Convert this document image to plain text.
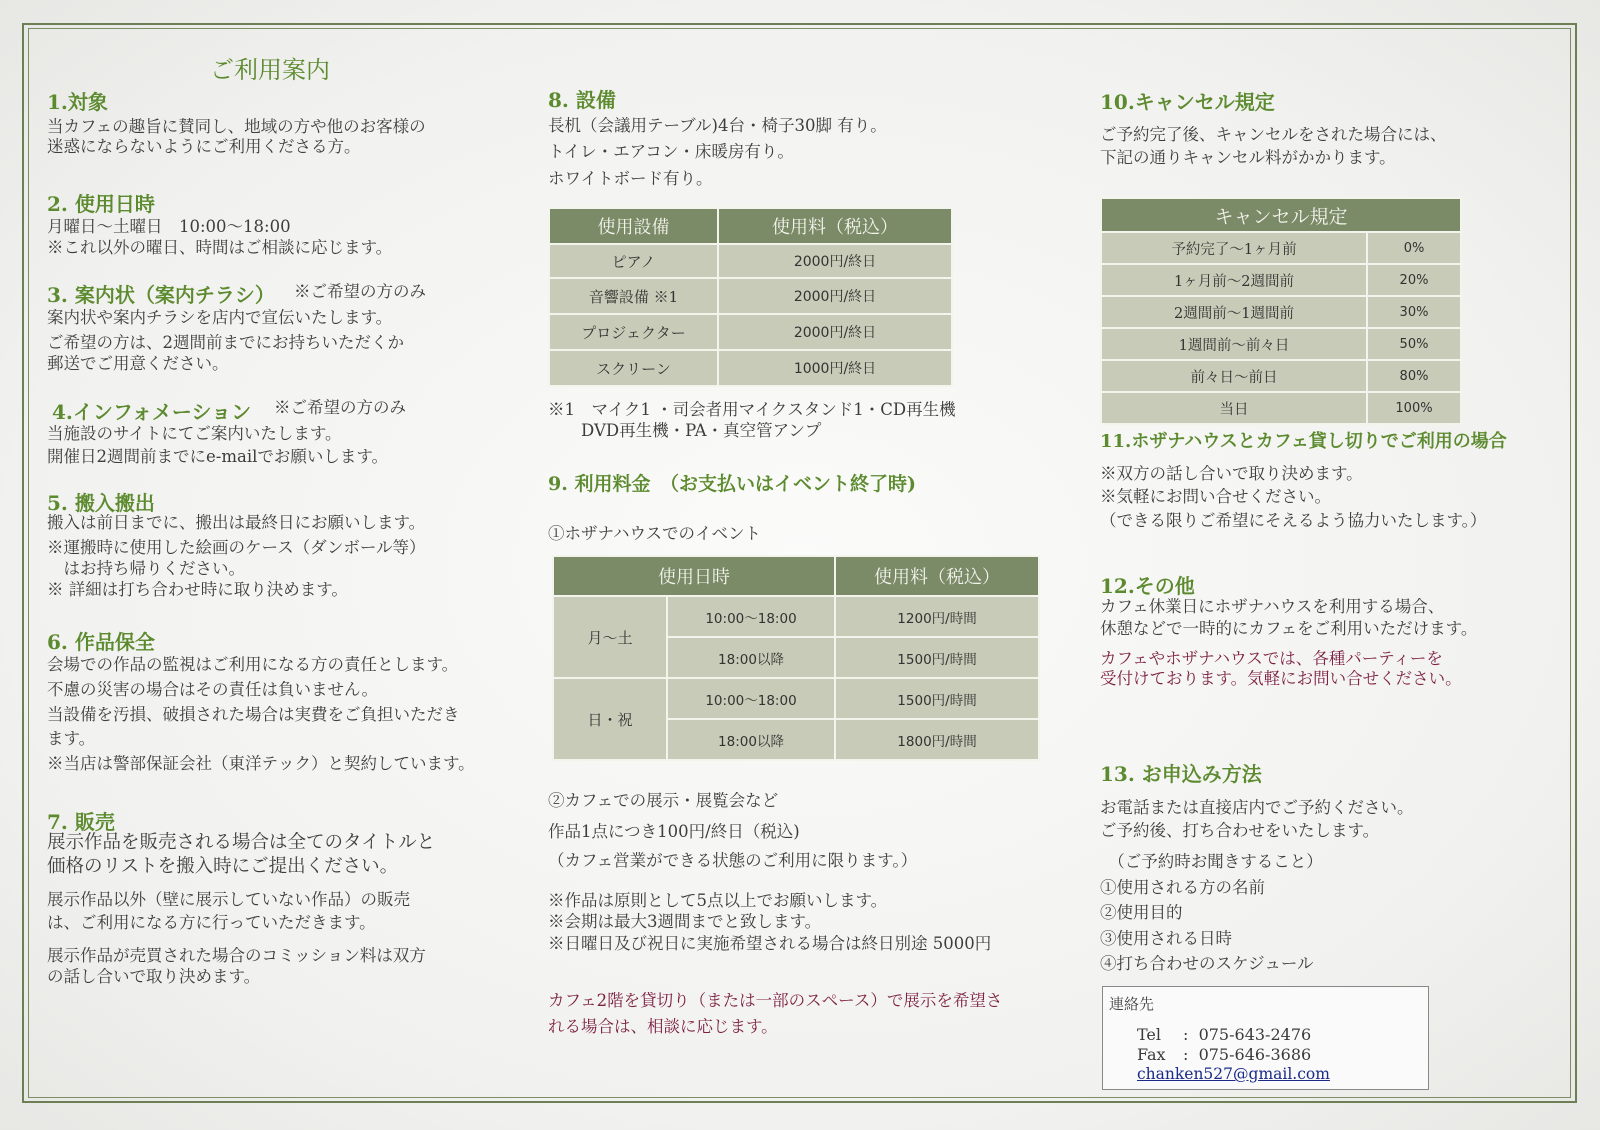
ご利用案内
1.対象
当カフェの趣旨に賛同し、地域の方や他のお客様の
迷惑にならないようにご利用くださる方。
2. 使用日時
月曜日〜土曜日　10:00〜18:00
※これ以外の曜日、時間はご相談に応じます。
3. 案内状（案内チラシ） ※ご希望の方のみ
案内状や案内チラシを店内で宣伝いたします。
ご希望の方は、2週間前までにお持ちいただくか
郵送でご用意ください。
4.インフォメーション ※ご希望の方のみ
当施設のサイトにてご案内いたします。
開催日2週間前までにe-mailでお願いします。
5. 搬入搬出
搬入は前日までに、搬出は最終日にお願いします。
※運搬時に使用した絵画のケース（ダンボール等）
　はお持ち帰りください。
※ 詳細は打ち合わせ時に取り決めます。
6. 作品保全
会場での作品の監視はご利用になる方の責任とします。
不慮の災害の場合はその責任は負いません。
当設備を汚損、破損された場合は実費をご負担いただき
ます。
※当店は警部保証会社（東洋テック）と契約しています。
7. 販売
展示作品を販売される場合は全てのタイトルと
価格のリストを搬入時にご提出ください。
展示作品以外（壁に展示していない作品）の販売
は、ご利用になる方に行っていただきます。
展示作品が売買された場合のコミッション料は双方
の話し合いで取り決めます。
8. 設備
長机（会議用テーブル)4台・椅子30脚 有り。
トイレ・エアコン・床暖房有り。
ホワイトボード有り。
使用設備	使用料（税込）
ピアノ	2000円/終日
音響設備 ※1	2000円/終日
プロジェクター	2000円/終日
スクリーン	1000円/終日
※1　マイク1 ・司会者用マイクスタンド1・CD再生機
　　DVD再生機・PA・真空管アンプ
9. 利用料金　（お支払いはイベント終了時)
①ホザナハウスでのイベント
使用日時		使用料（税込）
月〜土	10:00〜18:00	1200円/時間
	18:00以降	1500円/時間
日・祝	10:00〜18:00	1500円/時間
	18:00以降	1800円/時間
②カフェでの展示・展覧会など
作品1点につき100円/終日（税込)
（カフェ営業ができる状態のご利用に限ります。）
※作品は原則として5点以上でお願いします。
※会期は最大3週間までと致します。
※日曜日及び祝日に実施希望される場合は終日別途 5000円
カフェ2階を貸切り（または一部のスペース）で展示を希望さ
れる場合は、相談に応じます。
10.キャンセル規定
ご予約完了後、キャンセルをされた場合には、
下記の通りキャンセル料がかかります。
キャンセル規定	
予約完了〜1ヶ月前	0%
1ヶ月前〜2週間前	20%
2週間前〜1週間前	30%
1週間前〜前々日	50%
前々日〜前日	80%
当日	100%
11.ホザナハウスとカフェ貸し切りでご利用の場合
※双方の話し合いで取り決めます。
※気軽にお問い合せください。
（できる限りご希望にそえるよう協力いたします。）
12.その他
カフェ休業日にホザナハウスを利用する場合、
休憩などで一時的にカフェをご利用いただけます。
カフェやホザナハウスでは、各種パーティーを
受付けております。気軽にお問い合せください。
13. お申込み方法
お電話または直接店内でご予約ください。
ご予約後、打ち合わせをいたします。
　（ご予約時お聞きすること）
①使用される方の名前
②使用目的
③使用される日時
④打ち合わせのスケジュール
連絡先
Tel :  075-643-2476
Fax :  075-646-3686
chanken527@gmail.com
